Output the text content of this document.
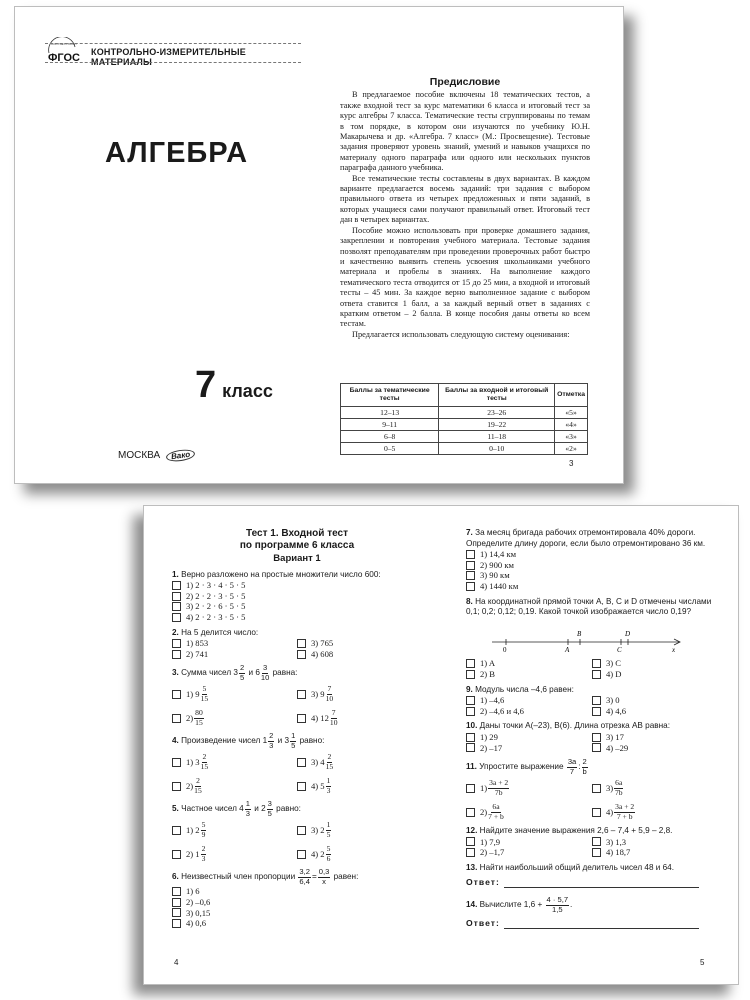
ФГОС
СООТВЕТСТВУЕТ
КОНТРОЛЬНО-ИЗМЕРИТЕЛЬНЫЕ МАТЕРИАЛЫ
АЛГЕБРА
7 класс
МОСКВА Вако
Предисловие

В предлагаемое пособие включены 18 тематических тестов, а также входной тест за курс математики 6 класса и итоговый тест за курс алгебры 7 класса. Тематические тесты сгруппированы по темам в том порядке, в котором они изучаются по учебнику Ю.Н. Макарычева и др. «Алгебра. 7 класс» (М.: Просвещение). Тестовые задания проверяют уровень знаний, умений и навыков учащихся по материалу одного параграфа или одного или нескольких пунктов параграфа данного учебника.

Все тематические тесты составлены в двух вариантах. В каждом варианте предлагается восемь заданий: три задания с выбором правильного ответа из четырех предложенных и пяти заданий, в которых учащиеся сами получают правильный ответ. Итоговый тест дан в четырех вариантах.

Пособие можно использовать при проверке домашнего задания, закреплении и повторения учебного материала. Тестовые задания позволят преподавателям при проведении проверочных работ быстро и качественно выявить степень усвоения школьниками учебного материала и пробелы в знаниях. На выполнение каждого тематического теста отводится от 15 до 25 мин, а входной и итоговый тесты – 45 мин. За каждое верно выполненное задание с выбором ответа ставится 1 балл, а за каждый верный ответ в заданиях с кратким ответом – 2 балла. В конце пособия даны ответы ко всем тестам.

Предлагается использовать следующую систему оценивания:

Баллы за тематические тесты	Баллы за входной и итоговый тесты	Отметка
12–13	23–26	«5»
9–11	19–22	«4»
6–8	11–18	«3»
0–5	0–10	«2»
3
Тест 1. Входной тест
по программе 6 класса
Вариант 1
1. Верно разложено на простые множители число 600:
1) 2 · 3 · 4 · 5 · 5
2) 2 · 2 · 3 · 5 · 5
3) 2 · 2 · 6 · 5 · 5
4) 2 · 2 · 3 · 5 · 5
2. На 5 делится число:
1) 853	3) 765
2) 741	4) 608
3. Сумма чисел $3 \frac{2}{5}$ и $6 \frac{3}{10}$ равна:
1) $9 \frac{5}{15}$	3) $9 \frac{7}{10}$
$2) \frac{80}{15}$	4) $12 \frac{7}{10}$
4. Произведение чисел $1 \frac{2}{3}$ и $3 \frac{1}{5}$ равно:
1) $3 \frac{2}{15}$	3) $4 \frac{2}{15}$
$2) \frac{2}{15}$	4) $5 \frac{1}{3}$
5. Частное чисел $4 \frac{1}{3}$ и $2 \frac{3}{5}$ равно:
1) $2 \frac{5}{9}$	3) $2 \frac{1}{5}$
2) $1 \frac{2}{3}$	4) $2 \frac{5}{6}$
6. Неизвестный член пропорции $\frac{3,2}{6,4} = \frac{0,3}{x}$ равен:
1) 6
2) –0,6
3) 0,15
4) 0,6
7. За месяц бригада рабочих отремонтировала 40% дороги. Определите длину дороги, если было отремонтировано 36 км.
1) 14,4 км
2) 900 км
3) 90 км
4) 1440 км
8. На координатной прямой точки A, B, C и D отмечены числами 0,1; 0,2; 0,12; 0,19. Какой точкой изображается число 0,19?
0	A
B
C
D
x
1) A	3) C
2) B	4) D
9. Модуль числа –4,6 равен:
1) –4,6	3) 0
2) –4,6 и 4,6	4) 4,6
10. Даны точки A(–23), B(6). Длина отрезка AB равна:
1) 29	3) 17
2) –17	4) –29
11. Упростите выражение $\frac{3a}{7}$ : $\frac{2}{b}$
$1) \frac{3a + 2}{7b}$	$3) \frac{6a}{7b}$
$2) \frac{6a}{7 + b}$	$4) \frac{3a + 2}{7 + b}$
12. Найдите значение выражения 2,6 – 7,4 + 5,9 – 2,8.
1) 7,9	3) 1,3
2) –1,7	4) 18,7
13. Найти наибольший общий делитель чисел 48 и 64.
Ответ:
14. Вычислите $1,6 + \frac{4 \cdot 5,7}{1,5}$ .
Ответ:
4	5
